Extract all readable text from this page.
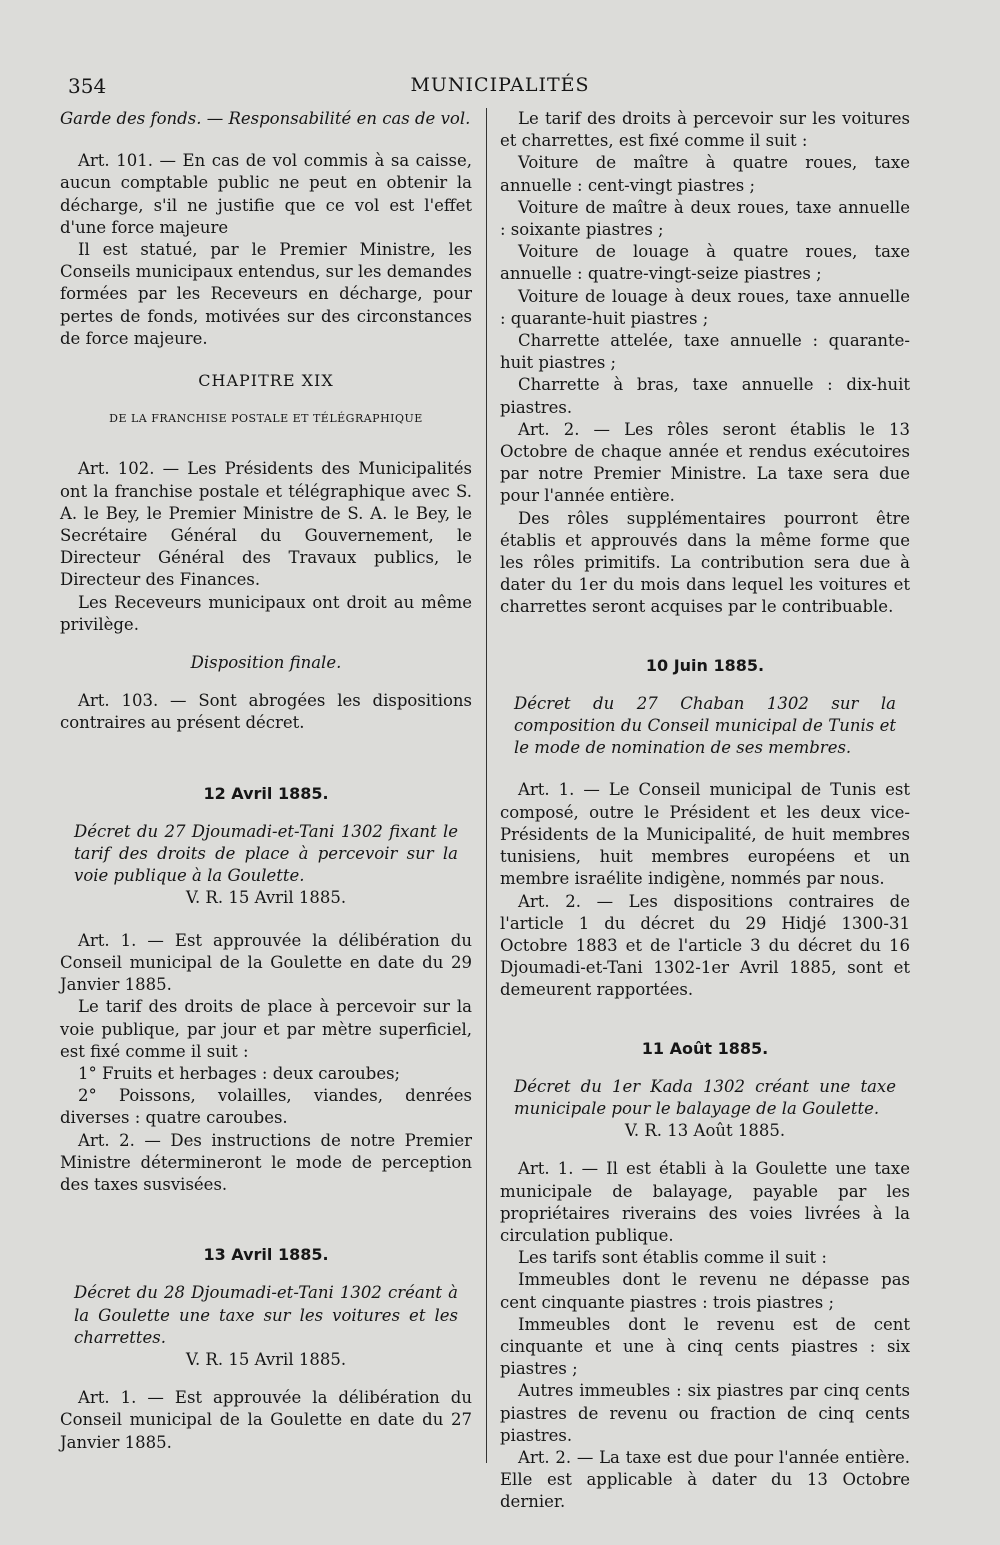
354	MUNICIPALITÉS

Garde des fonds. — Responsabilité en cas de vol.

Art. 101. — En cas de vol commis à sa caisse, aucun comptable public ne peut en obtenir la décharge, s'il ne justifie que ce vol est l'effet d'une force majeure

Il est statué, par le Premier Ministre, les Conseils municipaux entendus, sur les demandes formées par les Receveurs en décharge, pour pertes de fonds, motivées sur des circonstances de force majeure.

CHAPITRE XIX

DE LA FRANCHISE POSTALE ET TÉLÉGRAPHIQUE

Art. 102. — Les Présidents des Municipalités ont la franchise postale et télégraphique avec S. A. le Bey, le Premier Ministre de S. A. le Bey, le Secrétaire Général du Gouvernement, le Directeur Général des Travaux publics, le Directeur des Finances.

Les Receveurs municipaux ont droit au même privilège.

Disposition finale.

Art. 103. — Sont abrogées les dispositions contraires au présent décret.

12 Avril 1885.

Décret du 27 Djoumadi-et-Tani 1302 fixant le tarif des droits de place à percevoir sur la voie publique à la Goulette.

V. R. 15 Avril 1885.

Art. 1. — Est approuvée la délibération du Conseil municipal de la Goulette en date du 29 Janvier 1885.

Le tarif des droits de place à percevoir sur la voie publique, par jour et par mètre superficiel, est fixé comme il suit :

1° Fruits et herbages : deux caroubes;

2° Poissons, volailles, viandes, denrées diverses : quatre caroubes.

Art. 2. — Des instructions de notre Premier Ministre détermineront le mode de perception des taxes susvisées.

13 Avril 1885.

Décret du 28 Djoumadi-et-Tani 1302 créant à la Goulette une taxe sur les voitures et les charrettes.

V. R. 15 Avril 1885.

Art. 1. — Est approuvée la délibération du Conseil municipal de la Goulette en date du 27 Janvier 1885.

Le tarif des droits à percevoir sur les voitures et charrettes, est fixé comme il suit :

Voiture de maître à quatre roues, taxe annuelle : cent-vingt piastres ;

Voiture de maître à deux roues, taxe annuelle : soixante piastres ;

Voiture de louage à quatre roues, taxe annuelle : quatre-vingt-seize piastres ;

Voiture de louage à deux roues, taxe annuelle : quarante-huit piastres ;

Charrette attelée, taxe annuelle : quarante-huit piastres ;

Charrette à bras, taxe annuelle : dix-huit piastres.

Art. 2. — Les rôles seront établis le 13 Octobre de chaque année et rendus exécutoires par notre Premier Ministre. La taxe sera due pour l'année entière.

Des rôles supplémentaires pourront être établis et approuvés dans la même forme que les rôles primitifs. La contribution sera due à dater du 1er du mois dans lequel les voitures et charrettes seront acquises par le contribuable.

10 Juin 1885.

Décret du 27 Chaban 1302 sur la composition du Conseil municipal de Tunis et le mode de nomination de ses membres.

Art. 1. — Le Conseil municipal de Tunis est composé, outre le Président et les deux vice-Présidents de la Municipalité, de huit membres tunisiens, huit membres européens et un membre israélite indigène, nommés par nous.

Art. 2. — Les dispositions contraires de l'article 1 du décret du 29 Hidjé 1300-31 Octobre 1883 et de l'article 3 du décret du 16 Djoumadi-et-Tani 1302-1er Avril 1885, sont et demeurent rapportées.

11 Août 1885.

Décret du 1er Kada 1302 créant une taxe municipale pour le balayage de la Goulette.

V. R. 13 Août 1885.

Art. 1. — Il est établi à la Goulette une taxe municipale de balayage, payable par les propriétaires riverains des voies livrées à la circulation publique.

Les tarifs sont établis comme il suit :

Immeubles dont le revenu ne dépasse pas cent cinquante piastres : trois piastres ;

Immeubles dont le revenu est de cent cinquante et une à cinq cents piastres : six piastres ;

Autres immeubles : six piastres par cinq cents piastres de revenu ou fraction de cinq cents piastres.

Art. 2. — La taxe est due pour l'année entière. Elle est applicable à dater du 13 Octobre dernier.
